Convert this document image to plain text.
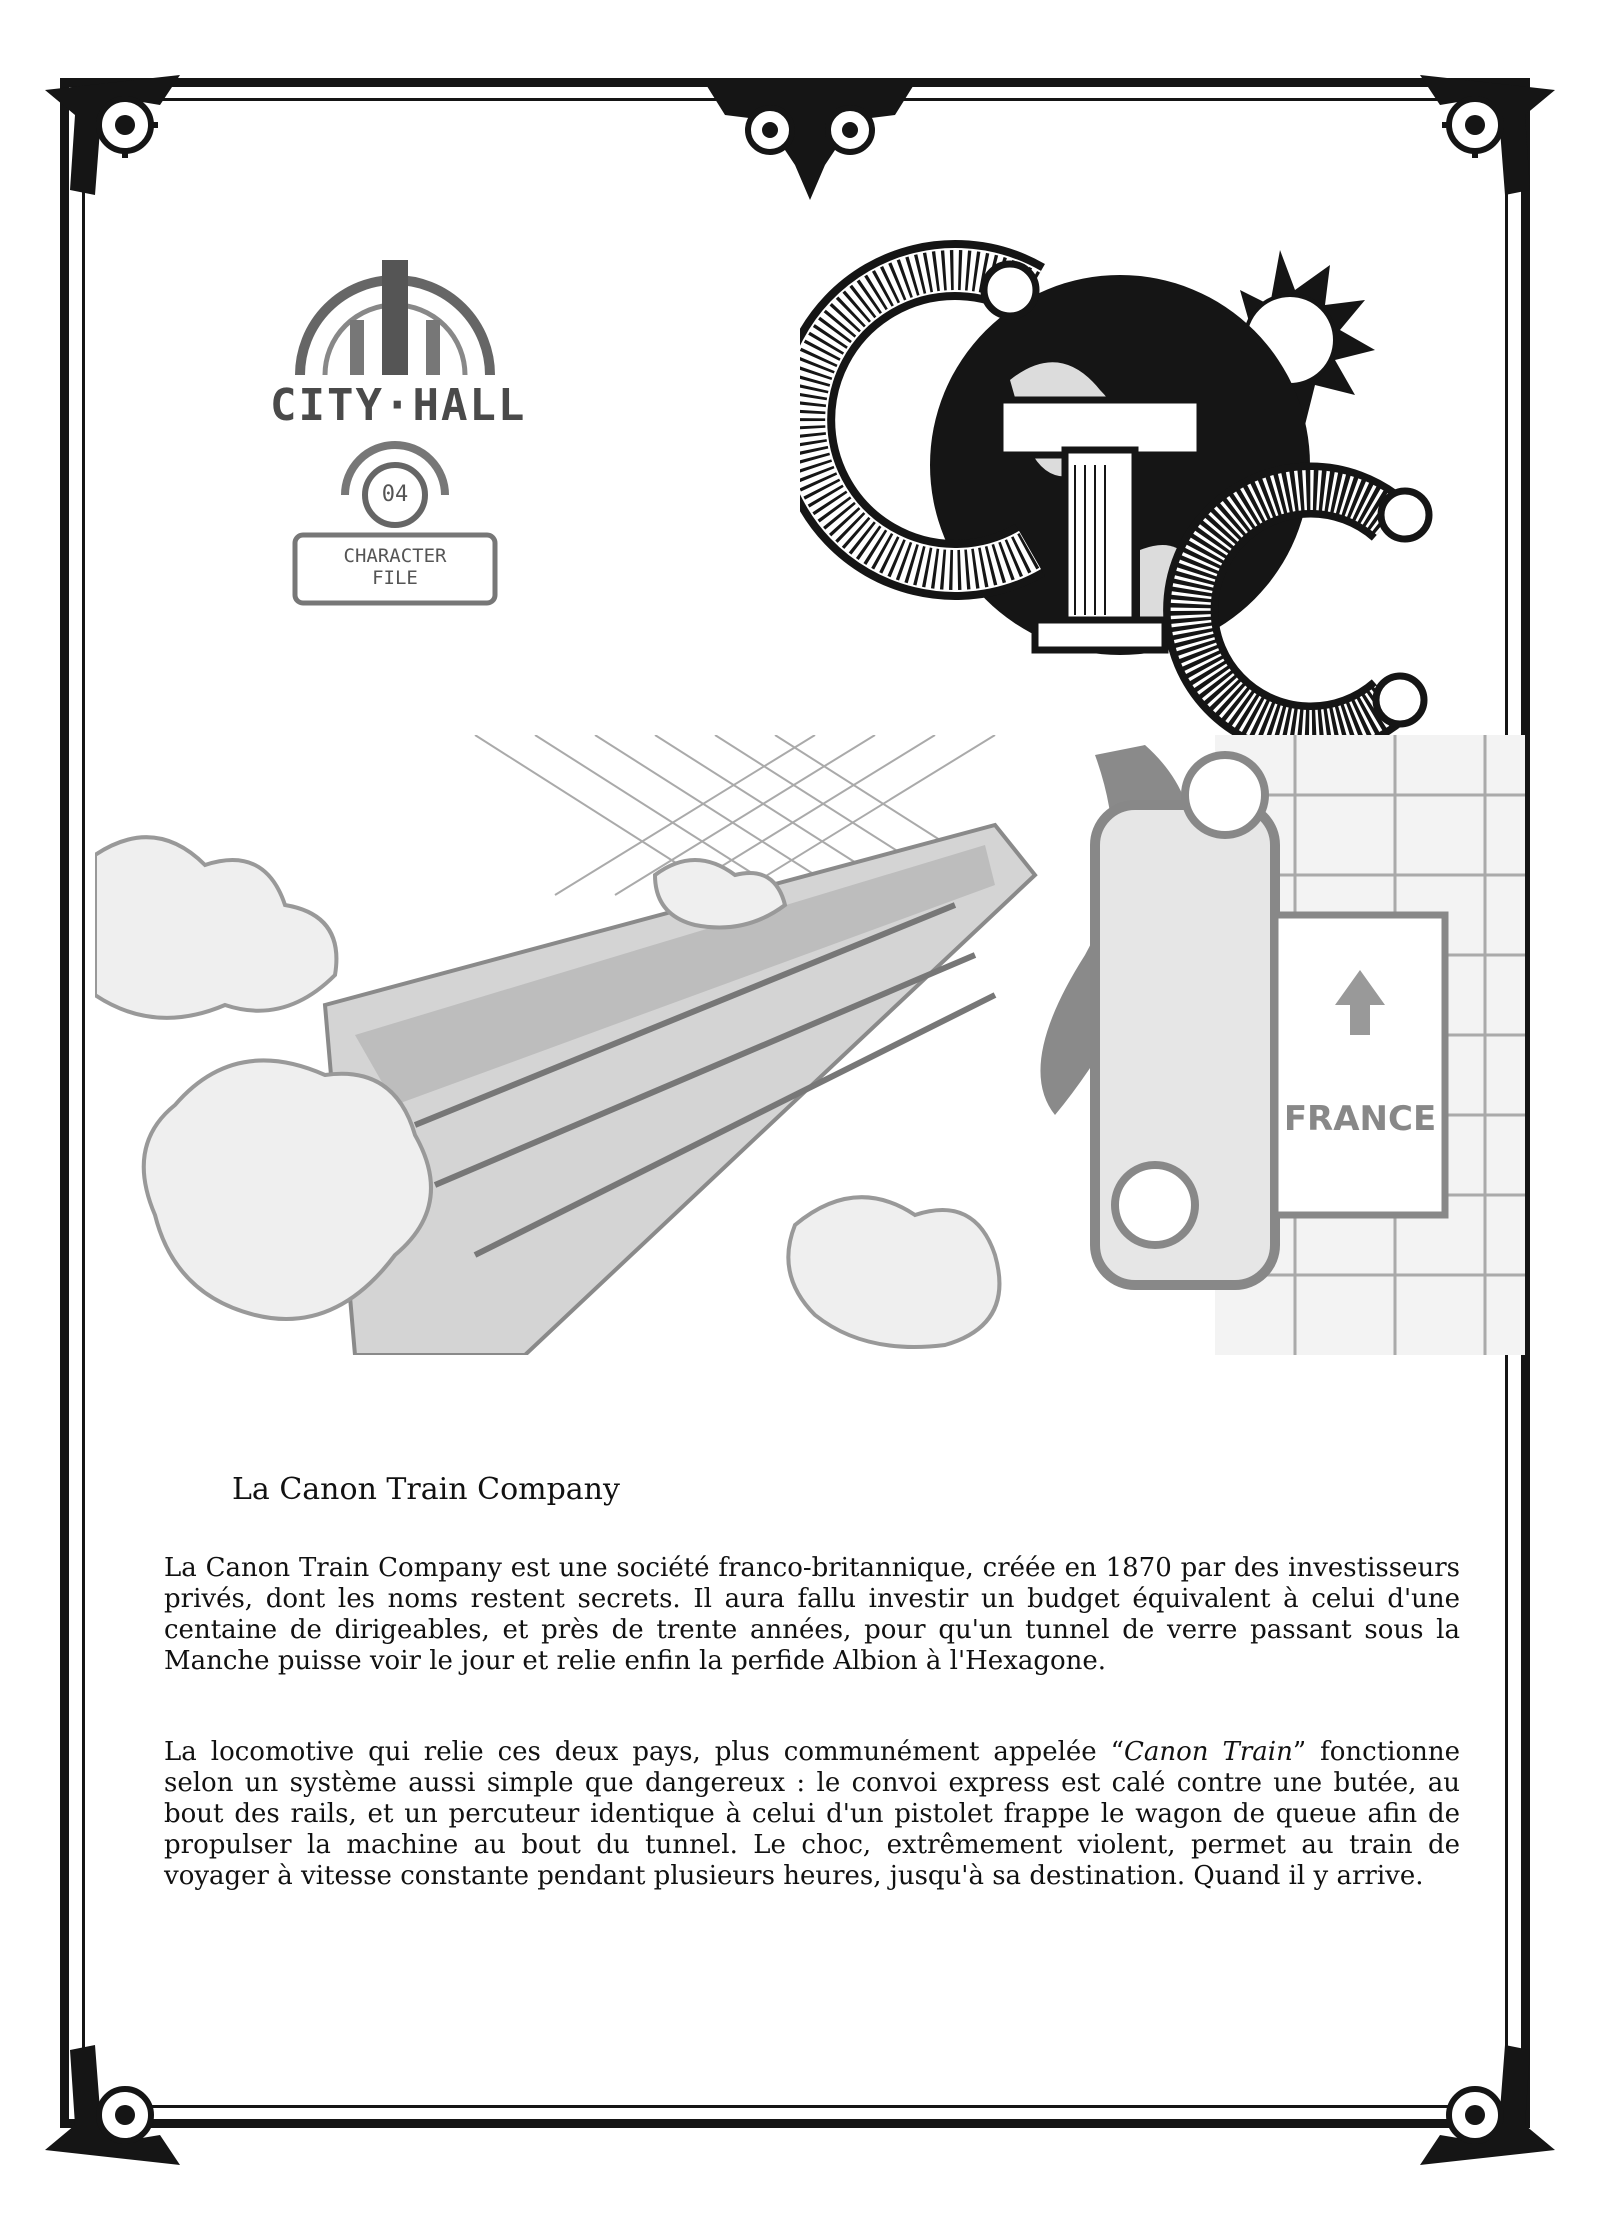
CITY·HALL
04
CHARACTER FILE
FRANCE
La Canon Train Company

La Canon Train Company est une société franco-britannique, créée en 1870 par des investisseurs privés, dont les noms restent secrets. Il aura fallu investir un budget équivalent à celui d'une centaine de dirigeables, et près de trente années, pour qu'un tunnel de verre passant sous la Manche puisse voir le jour et relie enfin la perfide Albion à l'Hexagone.

La locomotive qui relie ces deux pays, plus communément appelée “Canon Train” fonctionne selon un système aussi simple que dangereux : le convoi express est calé contre une butée, au bout des rails, et un percuteur identique à celui d'un pistolet frappe le wagon de queue afin de propulser la machine au bout du tunnel. Le choc, extrêmement violent, permet au train de voyager à vitesse constante pendant plusieurs heures, jusqu'à sa destination. Quand il y arrive.
